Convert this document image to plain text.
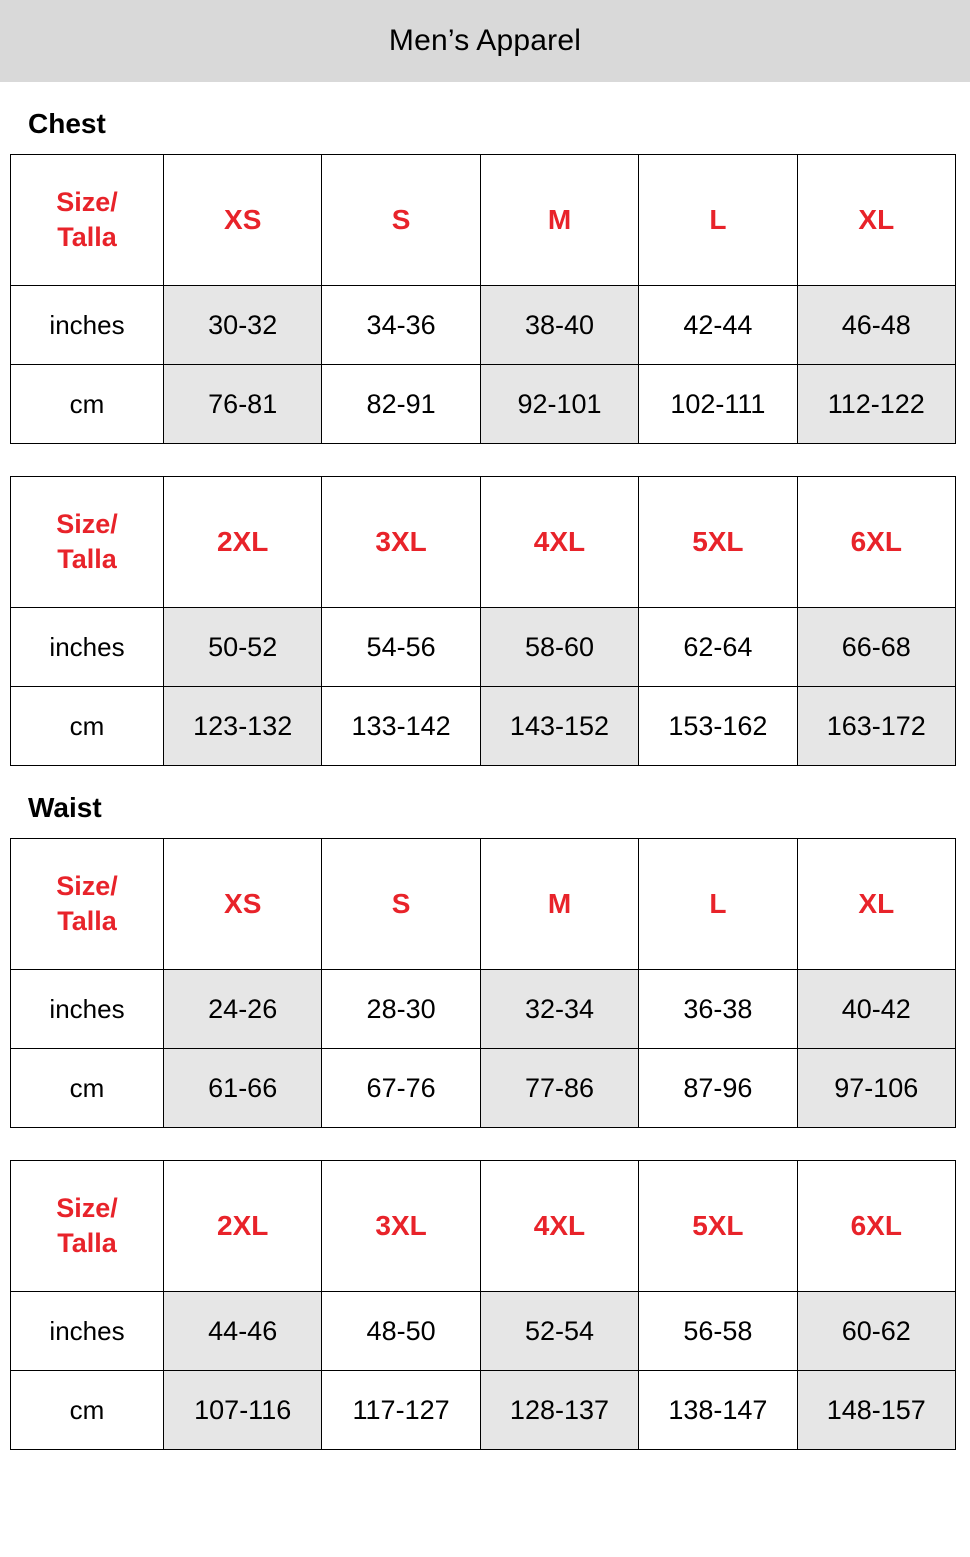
Men’s Apparel
Chest
Size/
Talla	XS	S	M	L	XL
inches	30-32	34-36	38-40	42-44	46-48
cm	76-81	82-91	92-101	102-111	112-122
Size/
Talla	2XL	3XL	4XL	5XL	6XL
inches	50-52	54-56	58-60	62-64	66-68
cm	123-132	133-142	143-152	153-162	163-172
Waist
Size/
Talla	XS	S	M	L	XL
inches	24-26	28-30	32-34	36-38	40-42
cm	61-66	67-76	77-86	87-96	97-106
Size/
Talla	2XL	3XL	4XL	5XL	6XL
inches	44-46	48-50	52-54	56-58	60-62
cm	107-116	117-127	128-137	138-147	148-157
